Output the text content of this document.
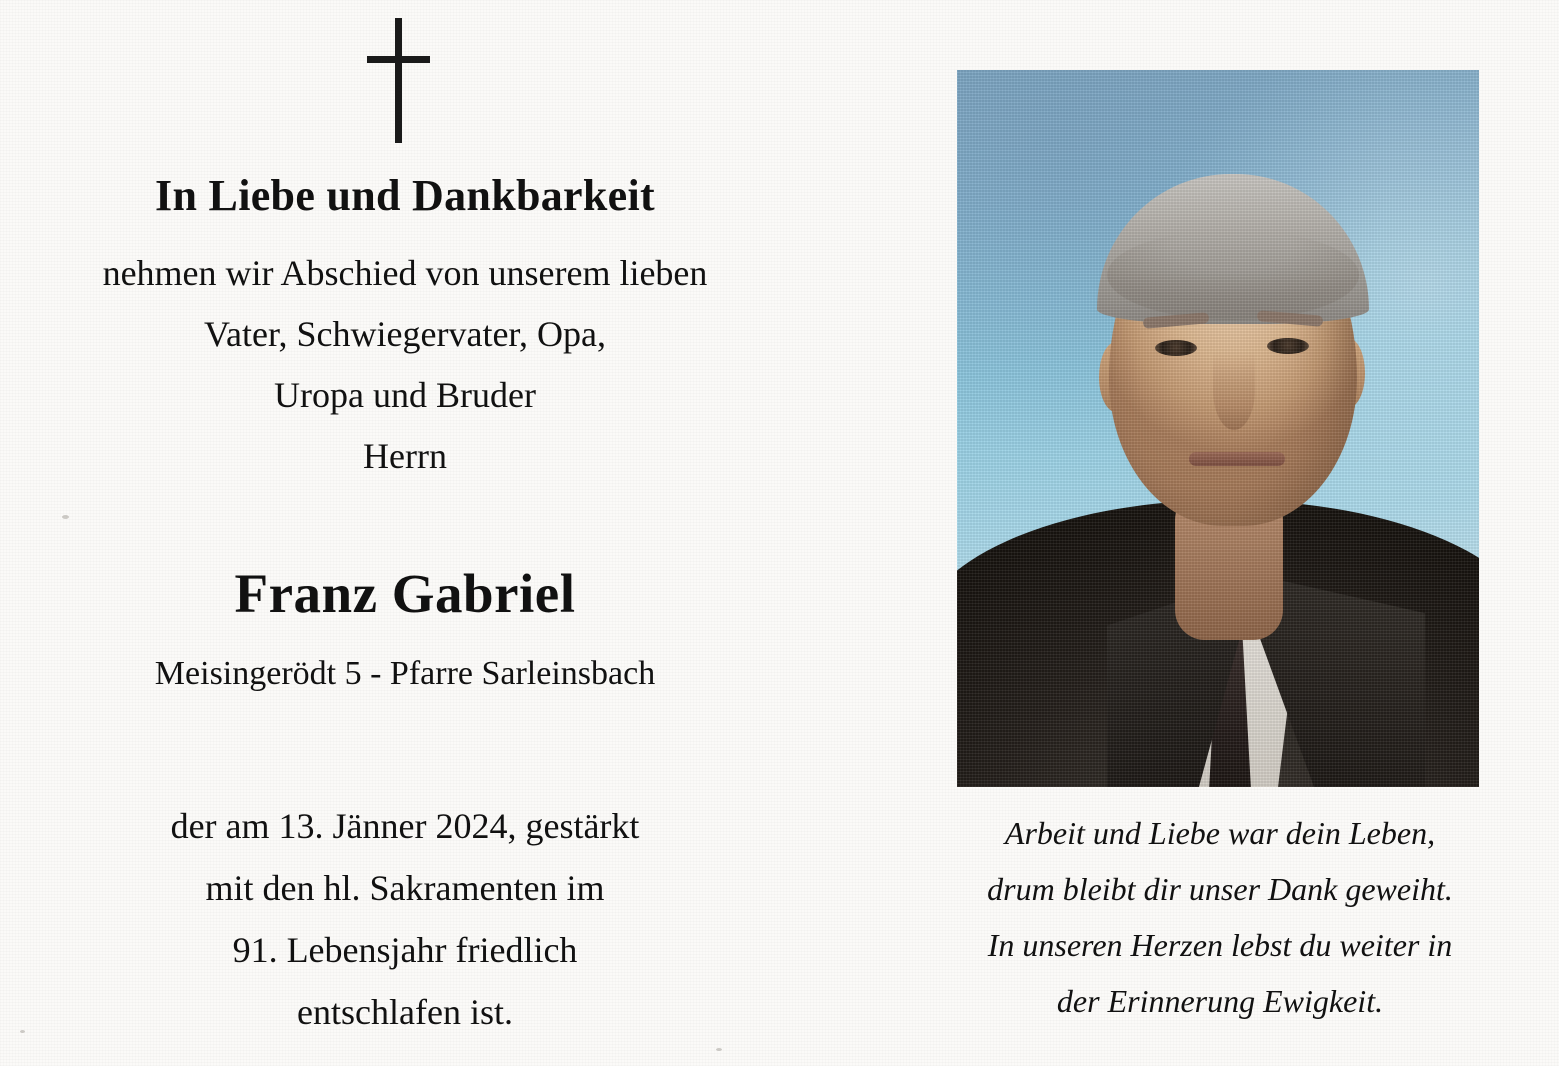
In Liebe und Dankbarkeit
nehmen wir Abschied von unserem lieben
Vater, Schwiegervater, Opa,
Uropa und Bruder
Herrn
Franz Gabriel
Meisingerödt 5 - Pfarre Sarleinsbach
der am 13. Jänner 2024, gestärkt
mit den hl. Sakramenten im
91. Lebensjahr friedlich
entschlafen ist.
Arbeit und Liebe war dein Leben,
drum bleibt dir unser Dank geweiht.
In unseren Herzen lebst du weiter in
der Erinnerung Ewigkeit.
